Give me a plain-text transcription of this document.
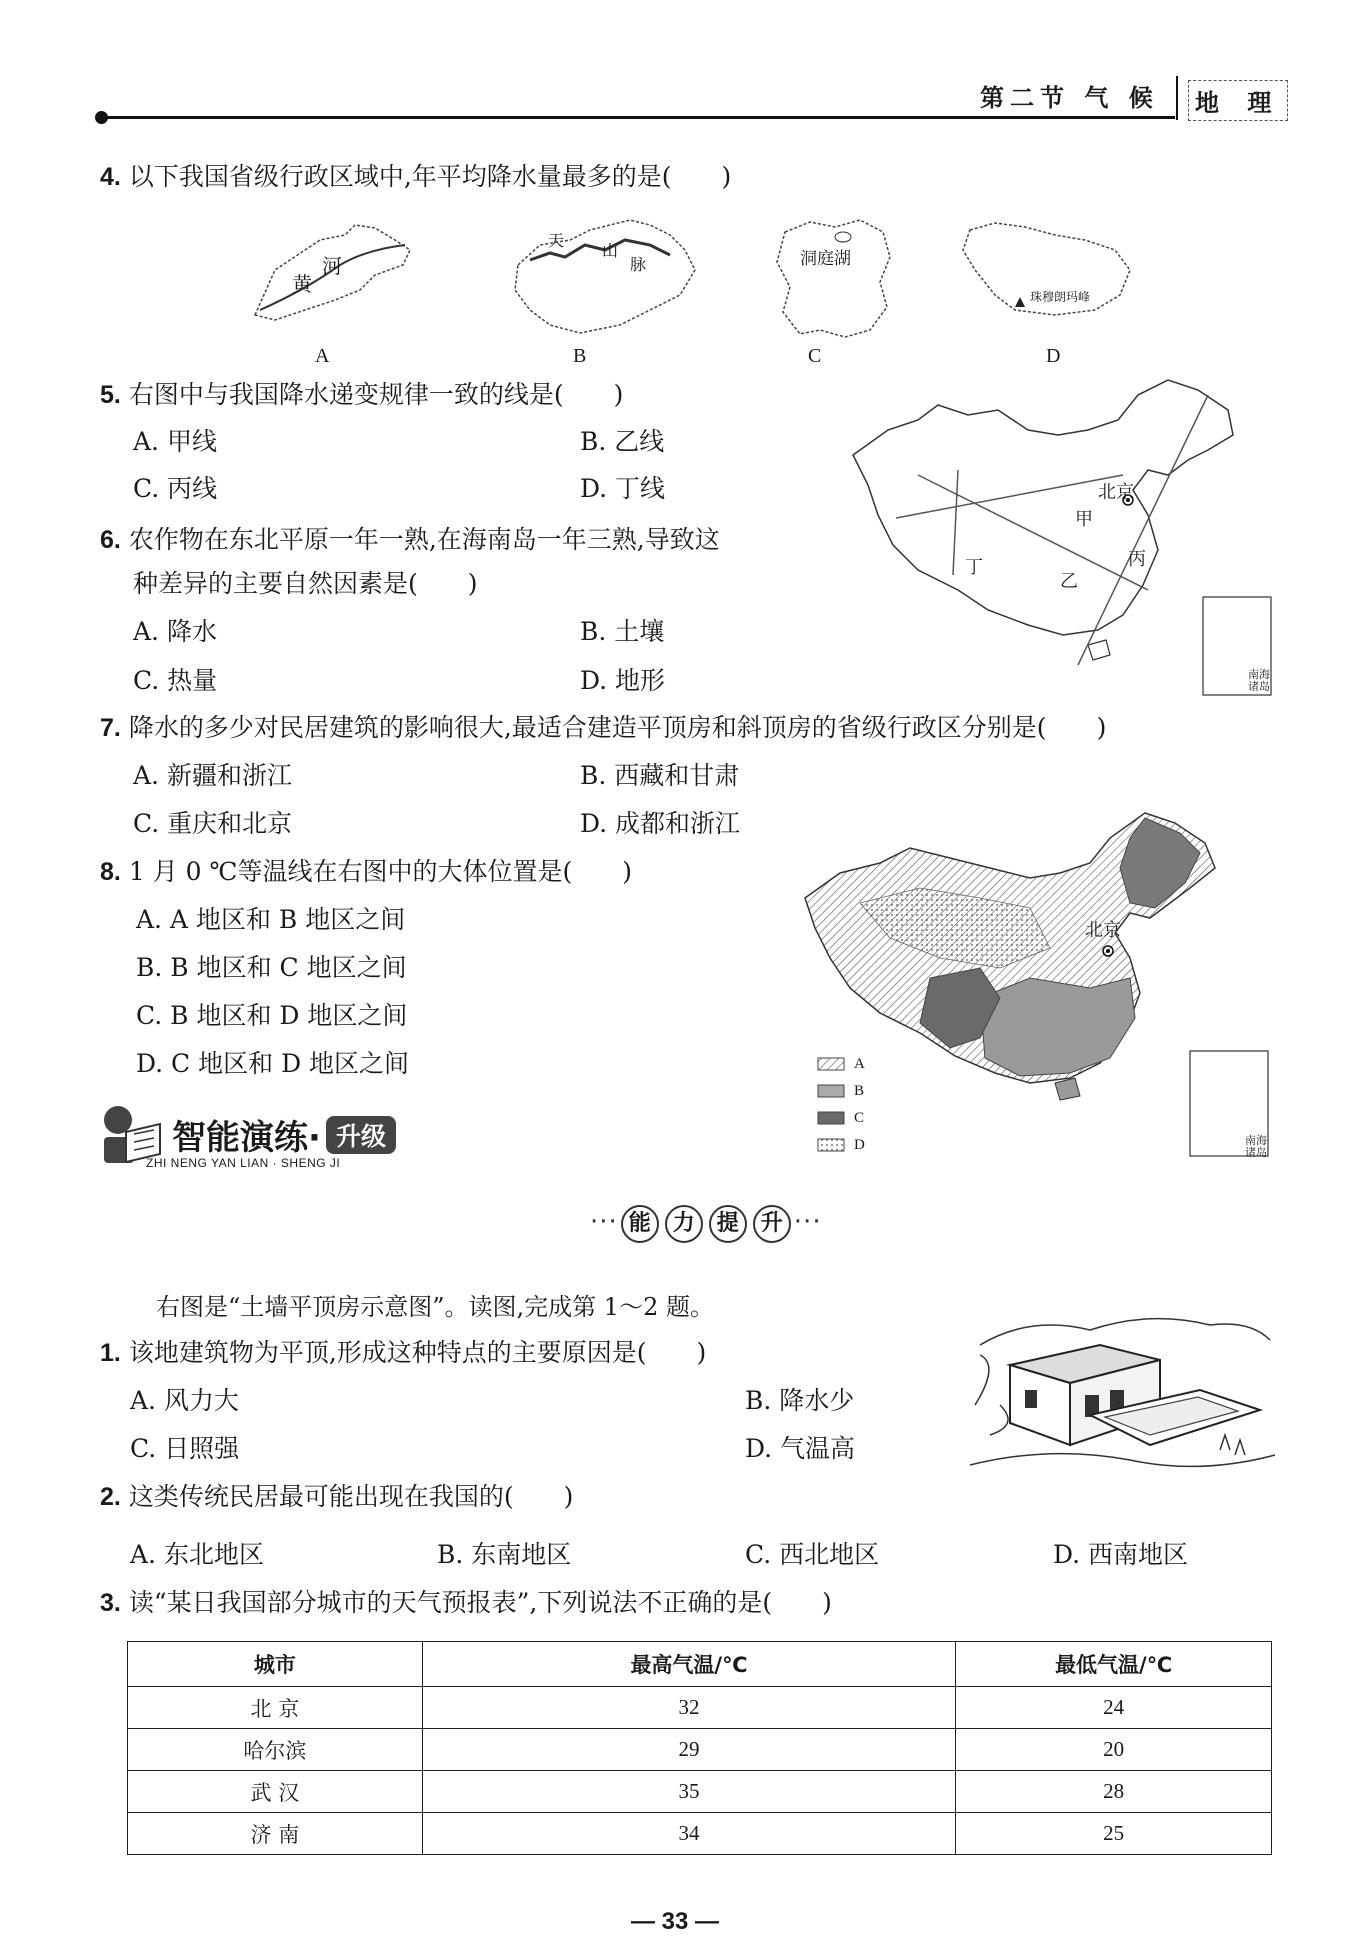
第二节 气 候 地 理
4. 以下我国省级行政区域中,年平均降水量最多的是(　　)
黄
河
天
山
脉	洞庭湖
珠穆朗玛峰
A	B	C	D
5. 右图中与我国降水递变规律一致的线是(　　)
A. 甲线	B. 乙线
C. 丙线	D. 丁线	北京
甲
乙
丙
丁
南海诸岛
6. 农作物在东北平原一年一熟,在海南岛一年三熟,导致这
种差异的主要自然因素是(　　)
A. 降水	B. 土壤
C. 热量	D. 地形
7. 降水的多少对民居建筑的影响很大,最适合建造平顶房和斜顶房的省级行政区分别是(　　)
A. 新疆和浙江	B. 西藏和甘肃
C. 重庆和北京	D. 成都和浙江
8. 1 月 0 ℃等温线在右图中的大体位置是(　　)
A. A 地区和 B 地区之间
B. B 地区和 C 地区之间
C. B 地区和 D 地区之间
D. C 地区和 D 地区之间
北京
南海诸岛
A
B
C
D
智能演练· 升级
ZHI NENG YAN LIAN · SHENG JI
··· 能 力 提 升 ···
右图是“土墙平顶房示意图”。读图,完成第 1～2 题。
1. 该地建筑物为平顶,形成这种特点的主要原因是(　　)
A. 风力大	B. 降水少
C. 日照强	D. 气温高
2. 这类传统民居最可能出现在我国的(　　)
A. 东北地区	B. 东南地区	C. 西北地区	D. 西南地区
3. 读“某日我国部分城市的天气预报表”,下列说法不正确的是(　　)
城市	最高气温/℃	最低气温/℃
北 京	32	24
哈尔滨	29	20
武 汉	35	28
济 南	34	25
— 33 —
